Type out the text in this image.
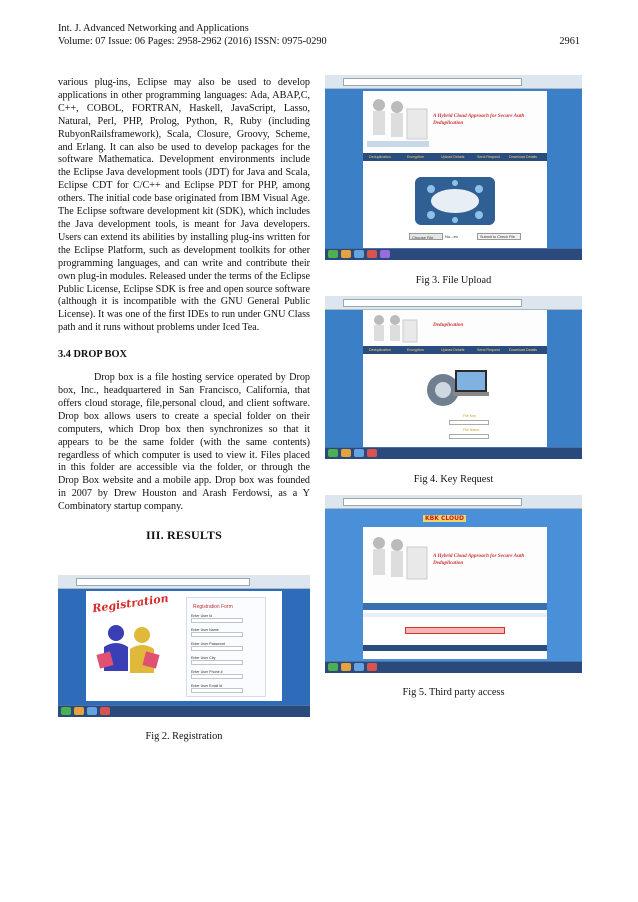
Int. J. Advanced Networking and Applications
Volume: 07 Issue: 06 Pages: 2958-2962 (2016) ISSN: 0975-0290	2961

various plug-ins, Eclipse may also be used to develop applications in other programming languages: Ada, ABAP,C, C++, COBOL, FORTRAN, Haskell, JavaScript, Lasso, Natural, Perl, PHP, Prolog, Python, R, Ruby (including RubyonRailsframework), Scala, Closure, Groovy, Scheme, and Erlang. It can also be used to develop packages for the software Mathematica. Development environments include the Eclipse Java development tools (JDT) for Java and Scala, Eclipse CDT for C/C++ and Eclipse PDT for PHP, among others. The initial code base originated from IBM Visual Age. The Eclipse software development kit (SDK), which includes the Java development tools, is meant for Java developers. Users can extend its abilities by installing plug-ins written for the Eclipse Platform, such as development toolkits for other programming languages, and can write and contribute their own plug-in modules. Released under the terms of the Eclipse Public License, Eclipse SDK is free and open source software (although it is incompatible with the GNU General Public License). It was one of the first IDEs to run under GNU Class path and it runs without problems under Iced Tea.

3.4 DROP BOX

Drop box is a file hosting service operated by Drop box, Inc., headquartered in San Francisco, California, that offers cloud storage, file,personal cloud, and client software. Drop box allows users to create a special folder on their computers, which Drop box then synchronizes so that it appears to be the same folder (with the same contents) regardless of which computer is used to view it. Files placed in this folder are accessible via the folder, or through the Drop Box website and a mobile app. Drop box was founded in 2007 by Drew Houston and Arash Ferdowsi, as a Y Combinatory startup company.

III. RESULTS
Registration	Registration Form
Enter User Id
Enter User Name
Enter User Password
Enter User City
Enter User Phone #
Enter User Email Id
Fig 2. Registration
A Hybrid Cloud Approach for Secure Auth
Deduplication
Deduplication	Encryption	Upload Details	Send Request	Download Details
Choose File	No...en	Submit to Check File
Fig 3. File Upload
Deduplication
Deduplication	Encryption	Upload Details	Send Request	Download Details
File Key
File Name
Fig 4. Key Request
KBK CLOUD
A Hybrid Cloud Approach for Secure Auth
Deduplication
Fig 5. Third party access
